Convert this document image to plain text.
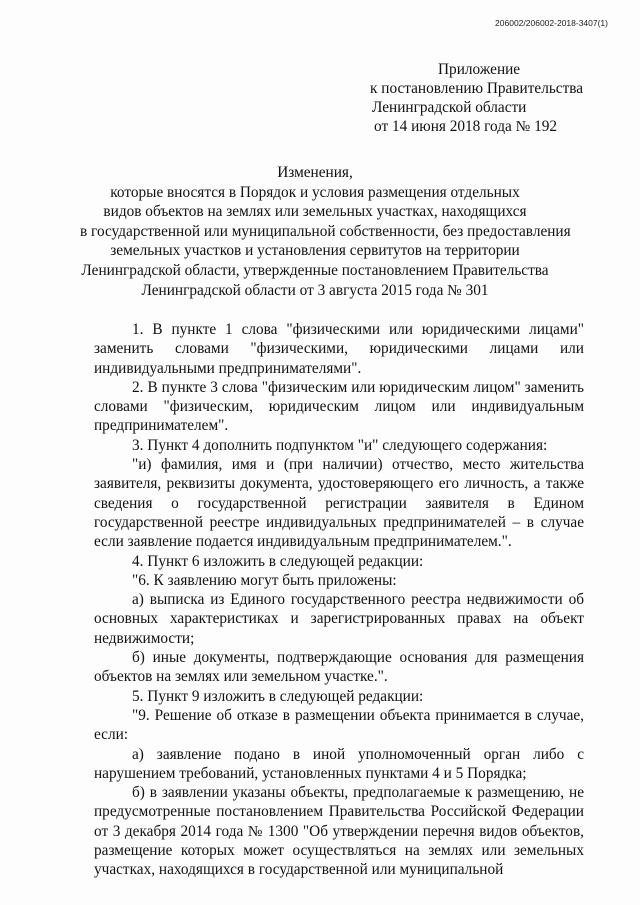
206002/206002-2018-3407(1)
Приложение
к постановлению Правительства
Ленинградской области
от 14 июня 2018 года № 192
Изменения,
которые вносятся в Порядок и условия размещения отдельных
видов объектов на землях или земельных участках, находящихся
в государственной или муниципальной собственности, без предоставления
земельных участков и установления сервитутов на территории
Ленинградской области, утвержденные постановлением Правительства
Ленинградской области от 3 августа 2015 года № 301

1. В пункте 1 слова "физическими или юридическими лицами" заменить словами "физическими, юридическими лицами или индивидуальными предпринимателями".

2. В пункте 3 слова "физическим или юридическим лицом" заменить словами "физическим, юридическим лицом или индивидуальным предпринимателем".

3. Пункт 4 дополнить подпунктом "и" следующего содержания:

"и) фамилия, имя и (при наличии) отчество, место жительства заявителя, реквизиты документа, удостоверяющего его личность, а также сведения о государственной регистрации заявителя в Едином государственной реестре индивидуальных предпринимателей – в случае если заявление подается индивидуальным предпринимателем.".

4. Пункт 6 изложить в следующей редакции:

"6. К заявлению могут быть приложены:

а) выписка из Единого государственного реестра недвижимости об основных характеристиках и зарегистрированных правах на объект недвижимости;

б) иные документы, подтверждающие основания для размещения объектов на землях или земельном участке.".

5. Пункт 9 изложить в следующей редакции:

"9. Решение об отказе в размещении объекта принимается в случае, если:

а) заявление подано в иной уполномоченный орган либо с нарушением требований, установленных пунктами 4 и 5 Порядка;

б) в заявлении указаны объекты, предполагаемые к размещению, не предусмотренные постановлением Правительства Российской Федерации от 3 декабря 2014 года № 1300 "Об утверждении перечня видов объектов, размещение которых может осуществляться на землях или земельных участках, находящихся в государственной или муниципальной
